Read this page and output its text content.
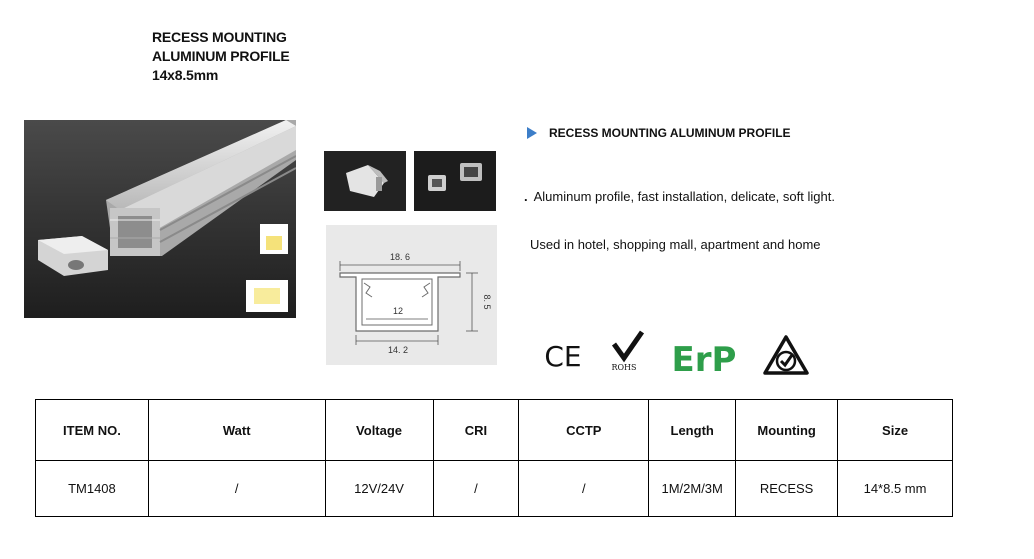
RECESS MOUNTING
ALUMINUM PROFILE
14x8.5mm
18. 6
12
14. 2
8. 5
RECESS MOUNTING ALUMINUM PROFILE
. Aluminum profile, fast installation, delicate, soft light.
Used in hotel, shopping mall, apartment and home
CE	ROHS ErP
ITEM NO.	Watt	Voltage	CRI	CCTP	Length	Mounting	Size
TM1408	/	12V/24V	/	/	1M/2M/3M	RECESS	14*8.5 mm
